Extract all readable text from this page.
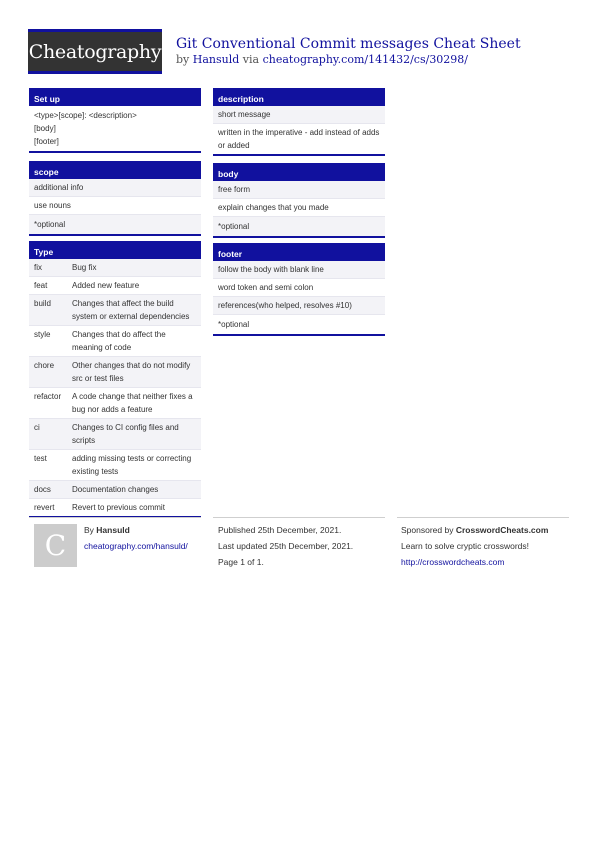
Cheatography Git Conventional Commit messages Cheat Sheet
by Hansuld via cheatography.com/141432/cs/30298/
Set up
<type>[scope]: <description>
[body]
[footer]
scope
additional info
use nouns
*optional
Type
fix	Bug fix
feat	Added new feature
build	Changes that affect the build system or external dependencies
style	Changes that do affect the meaning of code
chore	Other changes that do not modify src or test files
refactor	A code change that neither fixes a bug nor adds a feature
ci	Changes to CI config files and scripts
test	adding missing tests or correcting existing tests
docs	Documentation changes
revert	Revert to previous commit
description
short message
written in the imperative - add instead of adds or added
body
free form
explain changes that you made
*optional
footer
follow the body with blank line
word token and semi colon
references(who helped, resolves #10)
*optional
C By Hansuld
cheatography.com/hansuld/
Published 25th December, 2021.
Last updated 25th December, 2021.
Page 1 of 1.
Sponsored by CrosswordCheats.com
Learn to solve cryptic crosswords!
http://crosswordcheats.com
